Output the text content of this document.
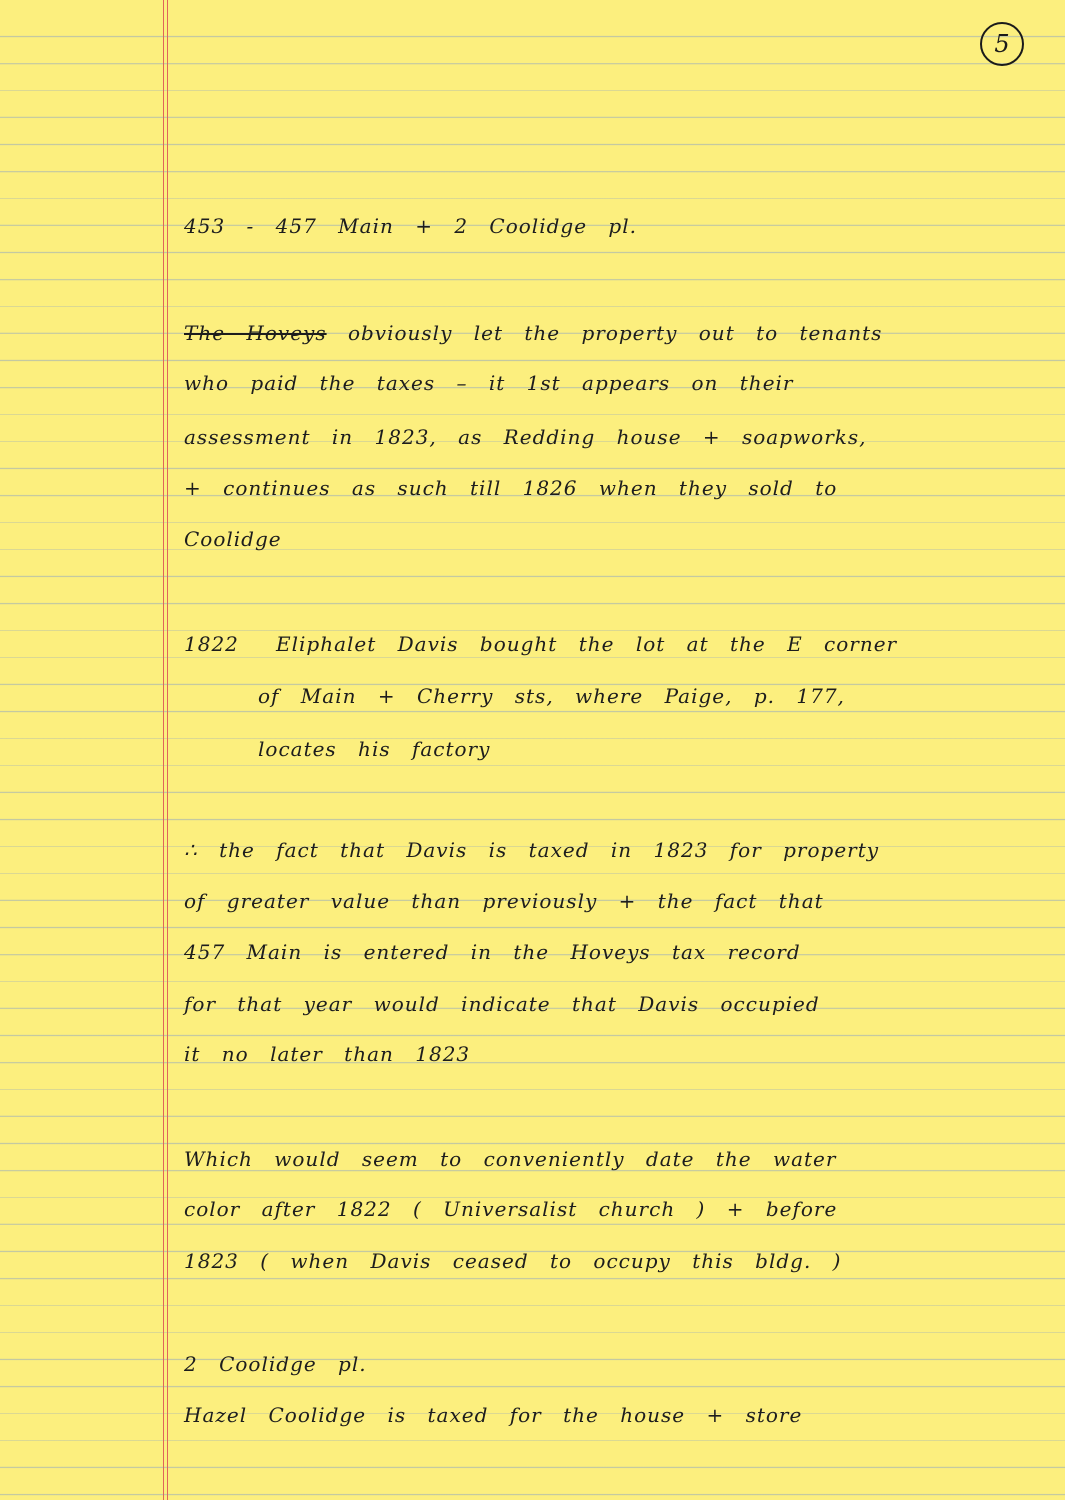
5
453 - 457 Main + 2 Coolidge pl.
The Hoveys obviously let the property out to tenants
who paid the taxes – it 1st appears on their
assessment in 1823, as Redding house + soapworks,
+ continues as such till 1826 when they sold to
Coolidge
1822 Eliphalet Davis bought the lot at the E corner
of Main + Cherry sts, where Paige, p. 177,
locates his factory
∴ the fact that Davis is taxed in 1823 for property
of greater value than previously + the fact that
457 Main is entered in the Hoveys tax record
for that year would indicate that Davis occupied
it no later than 1823
Which would seem to conveniently date the water
color after 1822 ( Universalist church ) + before
1823 ( when Davis ceased to occupy this bldg. )
2 Coolidge pl.
Hazel Coolidge is taxed for the house + store
